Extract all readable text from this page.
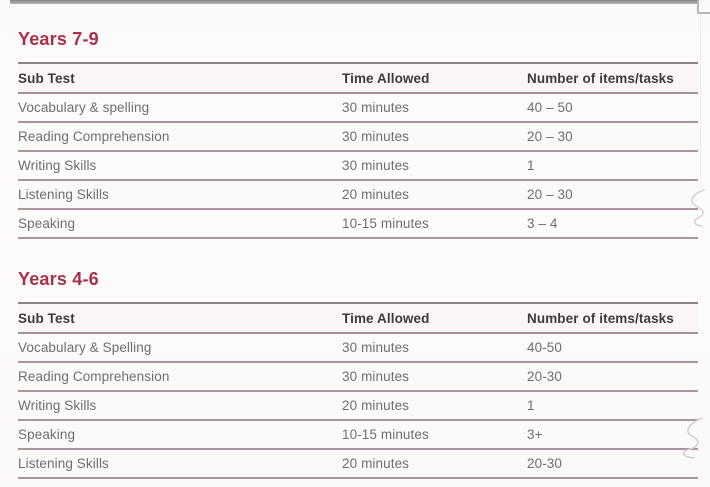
Years 7-9
Sub Test	Time Allowed	Number of items/tasks
Vocabulary & spelling	30 minutes	40 – 50
Reading Comprehension	30 minutes	20 – 30
Writing Skills	30 minutes	1
Listening Skills	20 minutes	20 – 30
Speaking	10-15 minutes	3 – 4
Years 4-6
Sub Test	Time Allowed	Number of items/tasks
Vocabulary & Spelling	30 minutes	40-50
Reading Comprehension	30 minutes	20-30
Writing Skills	20 minutes	1
Speaking	10-15 minutes	3+
Listening Skills	20 minutes	20-30
